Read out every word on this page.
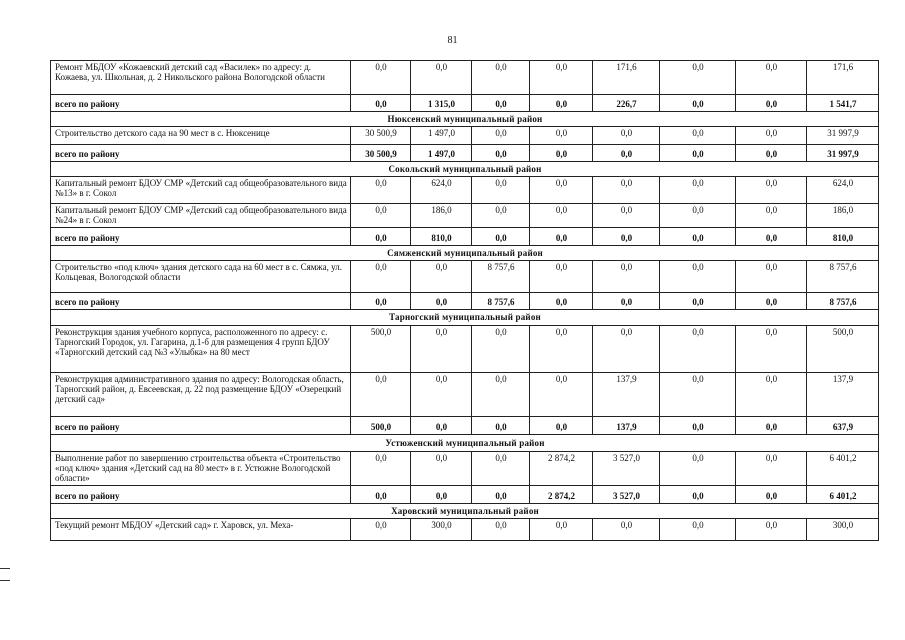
81
Ремонт МБДОУ «Кожаевский детский сад «Василек» по адресу: д. Кожаева, ул. Школьная, д. 2 Никольского района Вологодской области	0,0	0,0	0,0	0,0	171,6	0,0	0,0	171,6
всего по району	0,0	1 315,0	0,0	0,0	226,7	0,0	0,0	1 541,7
Нюксенский муниципальный район								
Строительство детского сада на 90 мест в с. Нюксенице	30 500,9	1 497,0	0,0	0,0	0,0	0,0	0,0	31 997,9
всего по району	30 500,9	1 497,0	0,0	0,0	0,0	0,0	0,0	31 997,9
Сокольский муниципальный район								
Капитальный ремонт БДОУ СМР «Детский сад общеобразовательного вида №13» в г. Сокол	0,0	624,0	0,0	0,0	0,0	0,0	0,0	624,0
Капитальный ремонт БДОУ СМР «Детский сад общеобразовательного вида №24» в г. Сокол	0,0	186,0	0,0	0,0	0,0	0,0	0,0	186,0
всего по району	0,0	810,0	0,0	0,0	0,0	0,0	0,0	810,0
Сямженский муниципальный район								
Строительство «под ключ» здания детского сада на 60 мест в с. Сямжа, ул. Кольцевая, Вологодской области	0,0	0,0	8 757,6	0,0	0,0	0,0	0,0	8 757,6
всего по району	0,0	0,0	8 757,6	0,0	0,0	0,0	0,0	8 757,6
Тарногский муниципальный район								
Реконструкция здания учебного корпуса, расположенного по адресу: с. Тарногский Городок, ул. Гагарина, д.1-б для размещения 4 групп БДОУ «Тарногский детский сад №3 «Улыбка» на 80 мест	500,0	0,0	0,0	0,0	0,0	0,0	0,0	500,0
Реконструкция административного здания по адресу: Вологодская область, Тарногский район, д. Евсеевская, д. 22 под размещение БДОУ «Озерецкий детский сад»	0,0	0,0	0,0	0,0	137,9	0,0	0,0	137,9
всего по району	500,0	0,0	0,0	0,0	137,9	0,0	0,0	637,9
Устюженский муниципальный район								
Выполнение работ по завершению строительства объекта «Строительство «под ключ» здания «Детский сад на 80 мест» в г. Устюжне Вологодской области»	0,0	0,0	0,0	2 874,2	3 527,0	0,0	0,0	6 401,2
всего по району	0,0	0,0	0,0	2 874,2	3 527,0	0,0	0,0	6 401,2
Харовский муниципальный район								
Текущий ремонт МБДОУ «Детский сад» г. Харовск, ул. Меха-	0,0	300,0	0,0	0,0	0,0	0,0	0,0	300,0
